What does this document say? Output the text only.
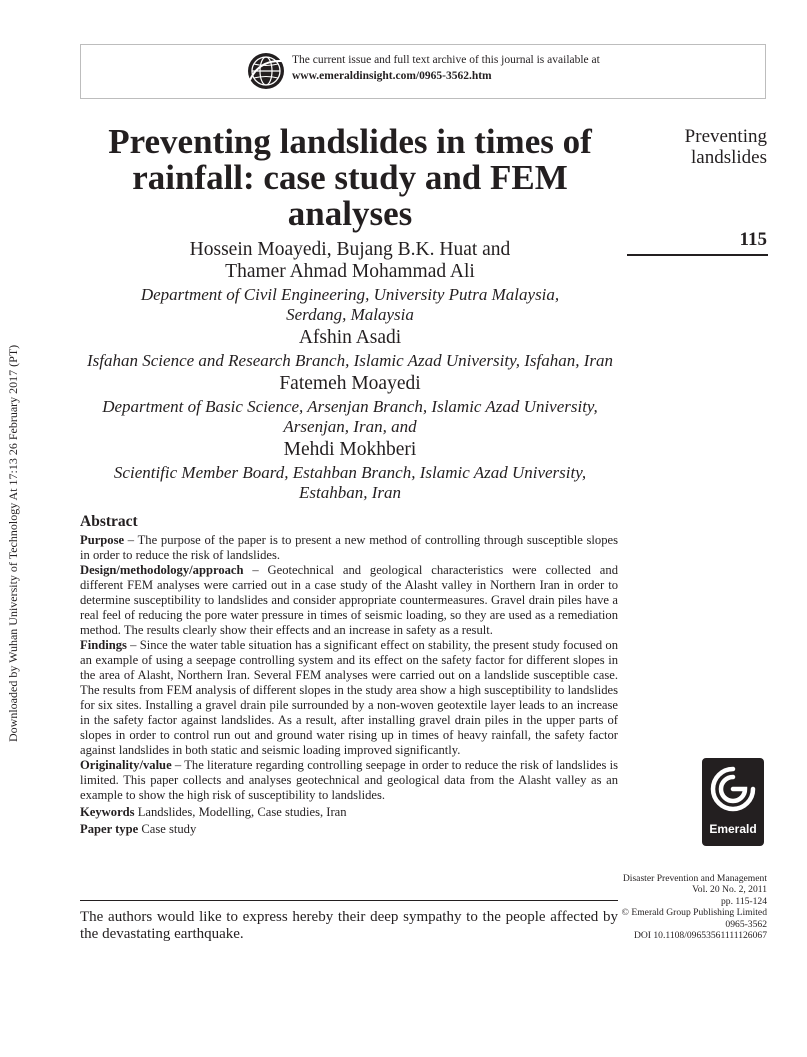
The current issue and full text archive of this journal is available at
www.emeraldinsight.com/0965-3562.htm
Preventing
landslides
115
Downloaded by Wuhan University of Technology At 17:13 26 February 2017 (PT)
Preventing landslides in times of
rainfall: case study and FEM
analyses
Hossein Moayedi, Bujang B.K. Huat and
Thamer Ahmad Mohammad Ali
Department of Civil Engineering, University Putra Malaysia,
Serdang, Malaysia
Afshin Asadi
Isfahan Science and Research Branch, Islamic Azad University, Isfahan, Iran
Fatemeh Moayedi
Department of Basic Science, Arsenjan Branch, Islamic Azad University,
Arsenjan, Iran, and
Mehdi Mokhberi
Scientific Member Board, Estahban Branch, Islamic Azad University,
Estahban, Iran
Abstract

Purpose – The purpose of the paper is to present a new method of controlling through susceptible slopes in order to reduce the risk of landslides.

Design/methodology/approach – Geotechnical and geological characteristics were collected and different FEM analyses were carried out in a case study of the Alasht valley in Northern Iran in order to determine susceptibility to landslides and consider appropriate countermeasures. Gravel drain piles have a real feel of reducing the pore water pressure in times of seismic loading, so they are used as a remediation method. The results clearly show their effects and an increase in safety as a result.

Findings – Since the water table situation has a significant effect on stability, the present study focused on an example of using a seepage controlling system and its effect on the safety factor for different slopes in the area of Alasht, Northern Iran. Several FEM analyses were carried out on a landslide susceptible case. The results from FEM analysis of different slopes in the study area show a high susceptibility to landslides for six sites. Installing a gravel drain pile surrounded by a non-woven geotextile layer leads to an increase in the safety factor against landslides. As a result, after installing gravel drain piles in the upper parts of slopes in order to control run out and ground water rising up in times of heavy rainfall, the safety factor against landslides in both static and seismic loading improved significantly.

Originality/value – The literature regarding controlling seepage in order to reduce the risk of landslides is limited. This paper collects and analyses geotechnical and geological data from the Alasht valley as an example to show the high risk of susceptibility to landslides.

Keywords Landslides, Modelling, Case studies, Iran

Paper type Case study	Emerald
Disaster Prevention and Management
Vol. 20 No. 2, 2011
pp. 115-124
© Emerald Group Publishing Limited
0965-3562
DOI 10.1108/09653561111126067
The authors would like to express hereby their deep sympathy to the people affected by the devastating earthquake.
